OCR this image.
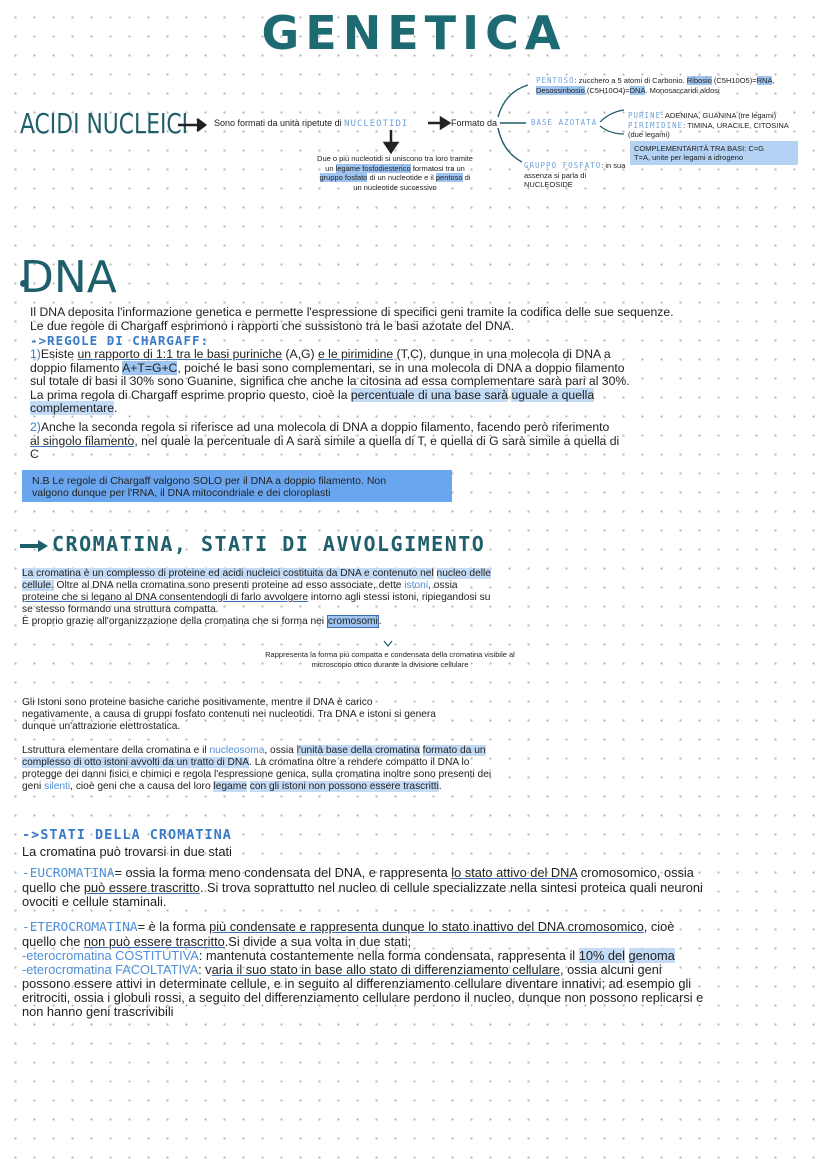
GENETICA
ACIDI NUCLEICI	Sono formati da unità ripetute di NUCLEOTIDI	Formato da
PENTOSO: zucchero a 5 atomi di Carbonio. Ribosio (C5H10O5)=RNA, Desossiribosio (C5H10O4)=DNA. Monosaccaridi aldosi
BASE AZOTATA
PURINE: ADENINA, GUANINA (tre legami)
PIRIMIDINE: TIMINA, URACILE, CITOSINA (due legami)
COMPLEMENTARITÀ TRA BASI: C=G
T=A, unite per legami a idrogeno
GRUPPO FOSFATO: in sua assenza si parla di NUCLEOSIDE
Due o più nucleotidi si uniscono tra loro tramite
un legame fosfodiesterico formatosi tra un
gruppo fosfato di un nucleotide e il pentoso di
un nucleotide successivo
DNA
Il DNA deposita l'informazione genetica e permette l'espressione di specifici geni tramite la codifica delle sue sequenze.
Le due regole di Chargaff esprimono i rapporti che sussistono tra le basi azotate del DNA.
->REGOLE DI CHARGAFF:
1)Esiste un rapporto di 1:1 tra le basi puriniche (A,G) e le pirimidine (T,C), dunque in una molecola di DNA a doppio filamento A+T=G+C, poiché le basi sono complementari, se in una molecola di DNA a doppio filamento sul totale di basi il 30% sono Guanine, significa che anche la citosina ad essa complementare sarà pari al 30%. La prima regola di Chargaff esprime proprio questo, cioè la percentuale di una base sarà uguale a quella complementare.
2)Anche la seconda regola si riferisce ad una molecola di DNA a doppio filamento, facendo però riferimento al singolo filamento, nel quale la percentuale di A sarà simile a quella di T, e quella di G sarà simile a quella di C
N.B Le regole di Chargaff valgono SOLO per il DNA a doppio filamento. Non
valgono dunque per l'RNA, il DNA mitocondriale e dei cloroplasti
CROMATINA, STATI DI AVVOLGIMENTO
La cromatina è un complesso di proteine ed acidi nucleici costituita da DNA e contenuto nel nucleo delle cellule. Oltre al DNA nella cromatina sono presenti proteine ad esso associate, dette istoni, ossia proteine che si legano al DNA consentendogli di farlo avvolgere intorno agli stessi istoni, ripiegandosi su se stesso formando una struttura compatta.
È proprio grazie all'organizzazione della cromatina che si forma nei cromosomi.
Rappresenta la forma più compatta e condensata della cromatina visibile al
microscopio ottico durante la divisione cellulare
Gli Istoni sono proteine basiche cariche positivamente, mentre il DNA è carico
negativamente, a causa di gruppi fosfato contenuti nei nucleotidi. Tra DNA e istoni si genera
dunque un'attrazione elettrostatica.
Lstruttura elementare della cromatina e il nucleosoma, ossia l'unità base della cromatina formato da un complesso di otto istoni avvolti da un tratto di DNA. La cromatina oltre a rendere compatto il DNA lo protegge dei danni fisici e chimici e regola l'espressione genica, sulla cromatina inoltre sono presenti dei geni silenti, cioè geni che a causa del loro legame con gli istoni non possono essere trascritti.
->STATI DELLA CROMATINA
La cromatina può trovarsi in due stati
-EUCROMATINA= ossia la forma meno condensata del DNA, e rappresenta lo stato attivo del DNA cromosomico, ossia quello che può essere trascritto. Si trova soprattutto nel nucleo di cellule specializzate nella sintesi proteica quali neuroni ovociti e cellule staminali.
-ETEROCROMATINA= è la forma più condensate e rappresenta dunque lo stato inattivo del DNA cromosomico, cioè quello che non può essere trascritto.Si divide a sua volta in due stati;
-eterocromatina COSTITUTIVA: mantenuta costantemente nella forma condensata, rappresenta il 10% del genoma
-eterocromatina FACOLTATIVA: varia il suo stato in base allo stato di differenziamento cellulare, ossia alcuni geni possono essere attivi in determinate cellule, e in seguito al differenziamento cellulare diventare innativi; ad esempio gli eritrociti, ossia i globuli rossi, a seguito del differenziamento cellulare perdono il nucleo, dunque non possono replicarsi e non hanno geni trascrivibili
